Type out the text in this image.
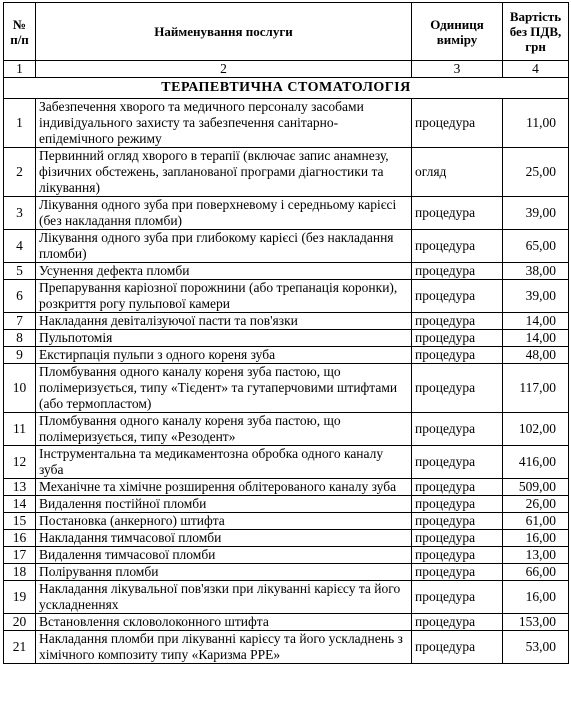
№ п/п	Найменування послуги	Одиниця виміру	Вартість без ПДВ, грн
1	2	3	4
ТЕРАПЕВТИЧНА СТОМАТОЛОГІЯ			
1	Забезпечення хворого та медичного персоналу засобами індивідуального захисту та забезпечення санітарно-епідемічного режиму	процедура	11,00
2	Первинний огляд хворого в терапії (включає запис анамнезу, фізичних обстежень, запланованої програми діагностики та лікування)	огляд	25,00
3	Лікування одного зуба при поверхневому і середньому карієсі (без накладання пломби)	процедура	39,00
4	Лікування одного зуба при глибокому карієсі (без накладання пломби)	процедура	65,00
5	Усунення дефекта пломби	процедура	38,00
6	Препарування каріозної порожнини (або трепанація коронки), розкриття рогу пульпової камери	процедура	39,00
7	Накладання девіталізуючої пасти та пов'язки	процедура	14,00
8	Пульпотомія	процедура	14,00
9	Екстирпація пульпи з одного кореня зуба	процедура	48,00
10	Пломбування одного каналу кореня зуба пастою, що полімеризується, типу «Тієдент» та гутаперчовими штифтами (або термопластом)	процедура	117,00
11	Пломбування одного каналу кореня зуба пастою, що полімеризується, типу «Резодент»	процедура	102,00
12	Інструментальна та медикаментозна обробка одного каналу зуба	процедура	416,00
13	Механічне та хімічне розширення облітерованого каналу зуба	процедура	509,00
14	Видалення постійної пломби	процедура	26,00
15	Постановка (анкерного) штифта	процедура	61,00
16	Накладання тимчасової пломби	процедура	16,00
17	Видалення тимчасової пломби	процедура	13,00
18	Полірування пломби	процедура	66,00
19	Накладання лікувальної пов'язки при лікуванні карієсу та його ускладненнях	процедура	16,00
20	Встановлення скловолоконного штифта	процедура	153,00
21	Накладання пломби при лікуванні карієсу та його ускладнень з хімічного композиту типу «Каризма РРЕ»	процедура	53,00
